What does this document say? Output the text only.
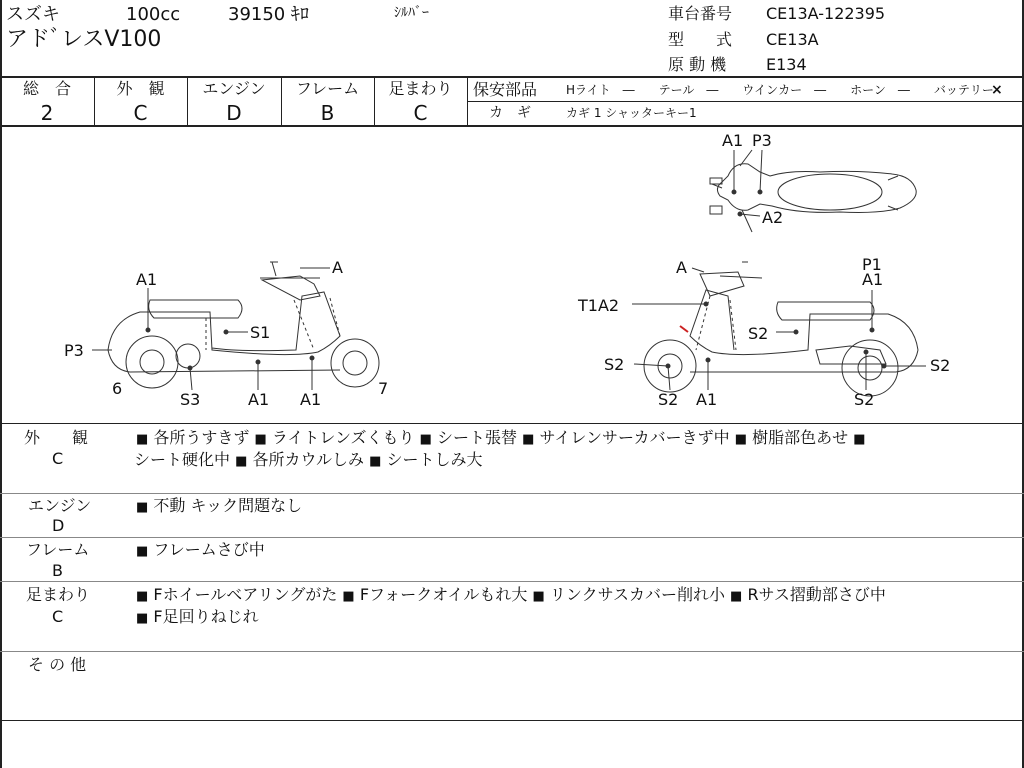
スズキ	100cc	39150 ｷﾛ	ｼﾙﾊﾞｰ
アドﾞレスV100
車台番号 CE13A-122395
型　　式 CE13A
原 動 機 E134
総　合
2
外　観
C
エンジン
D
フレーム
B
足まわり
C
保安部品 Hライト　―　　テール　―　　ウインカー　―　　ホーン　―　　バッテリー
×
カ　ギ	カギ 1 シャッターキー1
A1 P3
A2
A
A1
S1
P3
6	7
S3	A1 A1
A	P1
A1
T1A2
S2
S2	S2
S2 A1	S2
外　　観
C
■ 各所うすきず ■ ライトレンズくもり ■ シート張替 ■ サイレンサーカバーきず中 ■ 樹脂部色あせ ■
シート硬化中 ■ 各所カウルしみ ■ シートしみ大
エンジン
D
■ 不動 キック問題なし
フレーム
B
■ フレームさび中
足まわり
C
■ Fホイールベアリングがた ■ Fフォークオイルもれ大 ■ リンクサスカバー削れ小 ■ Rサス摺動部さび中
■ F足回りねじれ
そ の 他
